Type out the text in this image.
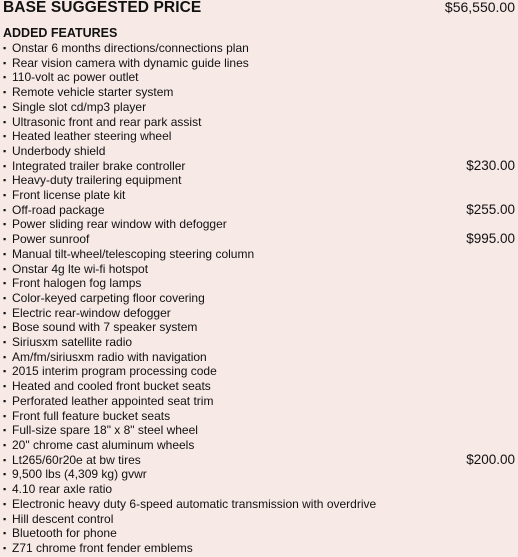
BASE SUGGESTED PRICE	$56,550.00
ADDED FEATURES
▪ Onstar 6 months directions/connections plan
▪ Rear vision camera with dynamic guide lines
▪ 110-volt ac power outlet
▪ Remote vehicle starter system
▪ Single slot cd/mp3 player
▪ Ultrasonic front and rear park assist
▪ Heated leather steering wheel
▪ Underbody shield
▪ Integrated trailer brake controller	$230.00
▪ Heavy-duty trailering equipment
▪ Front license plate kit
▪ Off-road package	$255.00
▪ Power sliding rear window with defogger
▪ Power sunroof	$995.00
▪ Manual tilt-wheel/telescoping steering column
▪ Onstar 4g lte wi-fi hotspot
▪ Front halogen fog lamps
▪ Color-keyed carpeting floor covering
▪ Electric rear-window defogger
▪ Bose sound with 7 speaker system
▪ Siriusxm satellite radio
▪ Am/fm/siriusxm radio with navigation
▪ 2015 interim program processing code
▪ Heated and cooled front bucket seats
▪ Perforated leather appointed seat trim
▪ Front full feature bucket seats
▪ Full-size spare 18" x 8" steel wheel
▪ 20" chrome cast aluminum wheels
▪ Lt265/60r20e at bw tires	$200.00
▪ 9,500 lbs (4,309 kg) gvwr
▪ 4.10 rear axle ratio
▪ Electronic heavy duty 6-speed automatic transmission with overdrive
▪ Hill descent control
▪ Bluetooth for phone
▪ Z71 chrome front fender emblems
